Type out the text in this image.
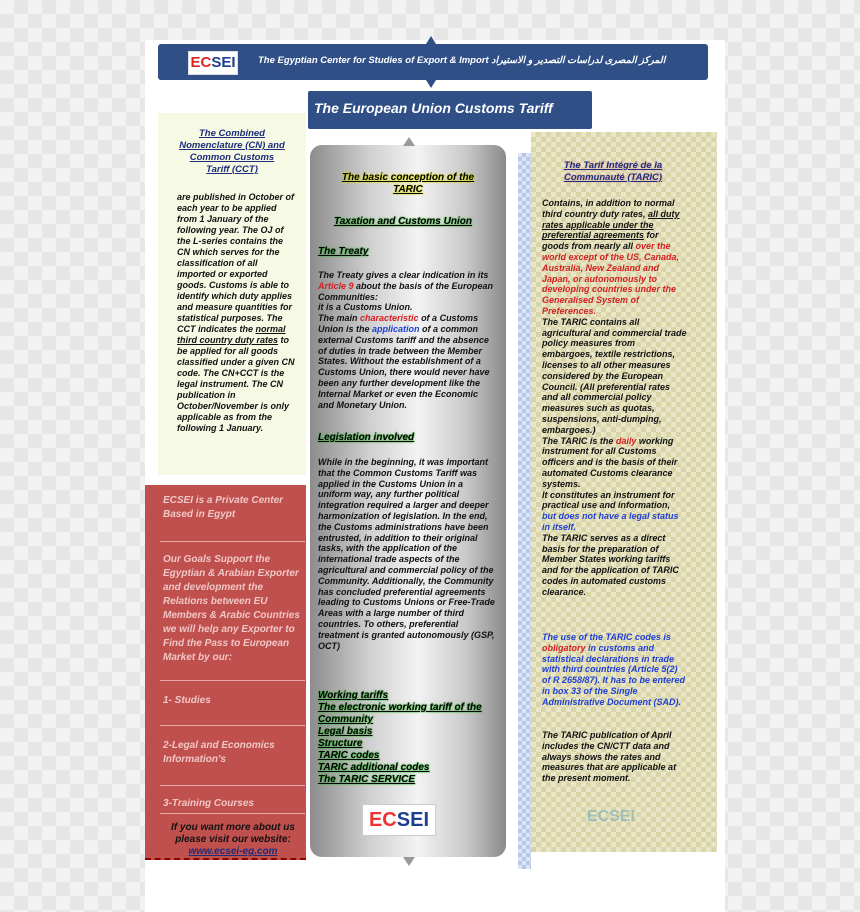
ECSEI The Egyptian Center for Studies of Export & Import المركز المصرى لدراسات التصدير و الاستيراد
The European Union Customs Tariff
The Combined Nomenclature (CN) and Common Customs Tariff (CCT)
are published in October of each year to be applied from 1 January of the following year. The OJ of the L-series contains the CN which serves for the classification of all imported or exported goods. Customs is able to identify which duty applies and measure quantities for statistical purposes. The CCT indicates the normal third country duty rates to be applied for all goods classified under a given CN code. The CN+CCT is the legal instrument. The CN publication in October/November is only applicable as from the following 1 January.
ECSEI is a Private Center Based in Egypt
Our Goals Support the Egyptian & Arabian Exporter and development the Relations between EU Members & Arabic Countries we will help any Exporter to Find the Pass to European Market by our:
1- Studies
2-Legal and Economics Information's
3-Training Courses
If you want more about us please visit our website:
www.ecsei-eg.com
The basic conception of the TARIC
Taxation and Customs Union
The Treaty
The Treaty gives a clear indication in its Article 9 about the basis of the European Communities:
it is a Customs Union.
The main characteristic of a Customs Union is the application of a common external Customs tariff and the absence of duties in trade between the Member States. Without the establishment of a Customs Union, there would never have been any further development like the Internal Market or even the Economic and Monetary Union.
Legislation involved
While in the beginning, it was important that the Common Customs Tariff was applied in the Customs Union in a uniform way, any further political integration required a larger and deeper harmonization of legislation. In the end, the Customs administrations have been entrusted, in addition to their original tasks, with the application of the international trade aspects of the agricultural and commercial policy of the Community. Additionally, the Community has concluded preferential agreements leading to Customs Unions or Free-Trade Areas with a large number of third countries. To others, preferential treatment is granted autonomously (GSP, OCT)
Working tariffs
The electronic working tariff of the Community
Legal basis
Structure
TARIC codes
TARIC additional codes
The TARIC SERVICE
ECSEI
The Tarif Intégré de la Communauté (TARIC)
Contains, in addition to normal third country duty rates, all duty rates applicable under the preferential agreements for goods from nearly all over the world except of the US, Canada, Australia, New Zealand and Japan, or autonomously to developing countries under the Generalised System of Preferences.
The TARIC contains all agricultural and commercial trade policy measures from embargoes, textile restrictions, licenses to all other measures considered by the European Council. (All preferential rates and all commercial policy measures such as quotas, suspensions, anti-dumping, embargoes.)
The TARIC is the daily working instrument for all Customs officers and is the basis of their automated Customs clearance systems.
It constitutes an instrument for practical use and information,
but does not have a legal status in itself.
The TARIC serves as a direct basis for the preparation of Member States working tariffs and for the application of TARIC codes in automated customs clearance.
The use of the TARIC codes is obligatory in customs and statistical declarations in trade with third countries (Article 5(2) of R 2658/87). It has to be entered in box 33 of the Single Administrative Document (SAD).
The TARIC publication of April includes the CN/CTT data and always shows the rates and measures that are applicable at the present moment.
ECSEI
